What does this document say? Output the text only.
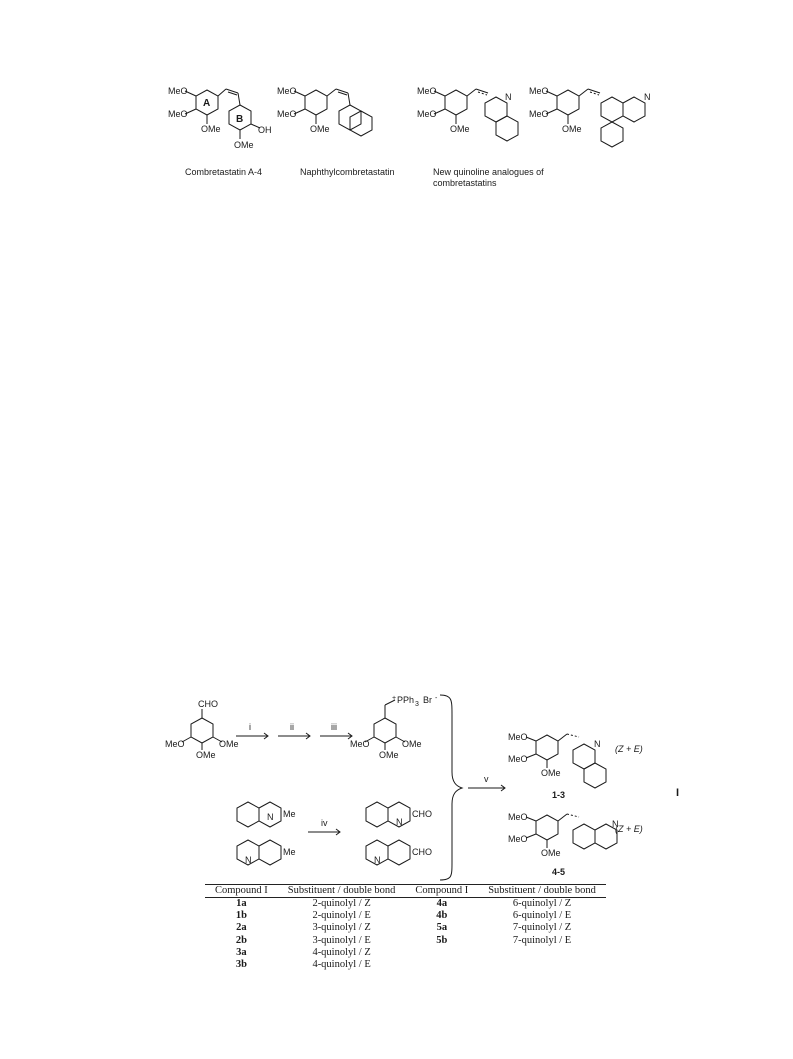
MeO
MeO
OMe	OH
OMe
A
B
MeO
MeO
OMe
MeO
MeO
OMe
N
MeO
MeO
OMe
N
Combretastatin A-4	Naphthylcombretastatin	New quinoline analogues of
combretastatins
CHO
MeO	OMe
OMe
i	ii	iii
+ PPh 3 Br -
MeO	OMe
OMe
N Me
N
Me
iv	N
CHO
N
CHO
v
MeO
MeO
OMe
N (Z + E)
1-3	I
MeO
MeO
OMe
N
(Z + E)
4-5
Compound I	Substituent / double bond	Compound I	Substituent / double bond
1a	2-quinolyl / Z	4a	6-quinolyl / Z
1b	2-quinolyl / E	4b	6-quinolyl / E
2a	3-quinolyl / Z	5a	7-quinolyl / Z
2b	3-quinolyl / E	5b	7-quinolyl / E
3a	4-quinolyl / Z		
3b	4-quinolyl / E		
